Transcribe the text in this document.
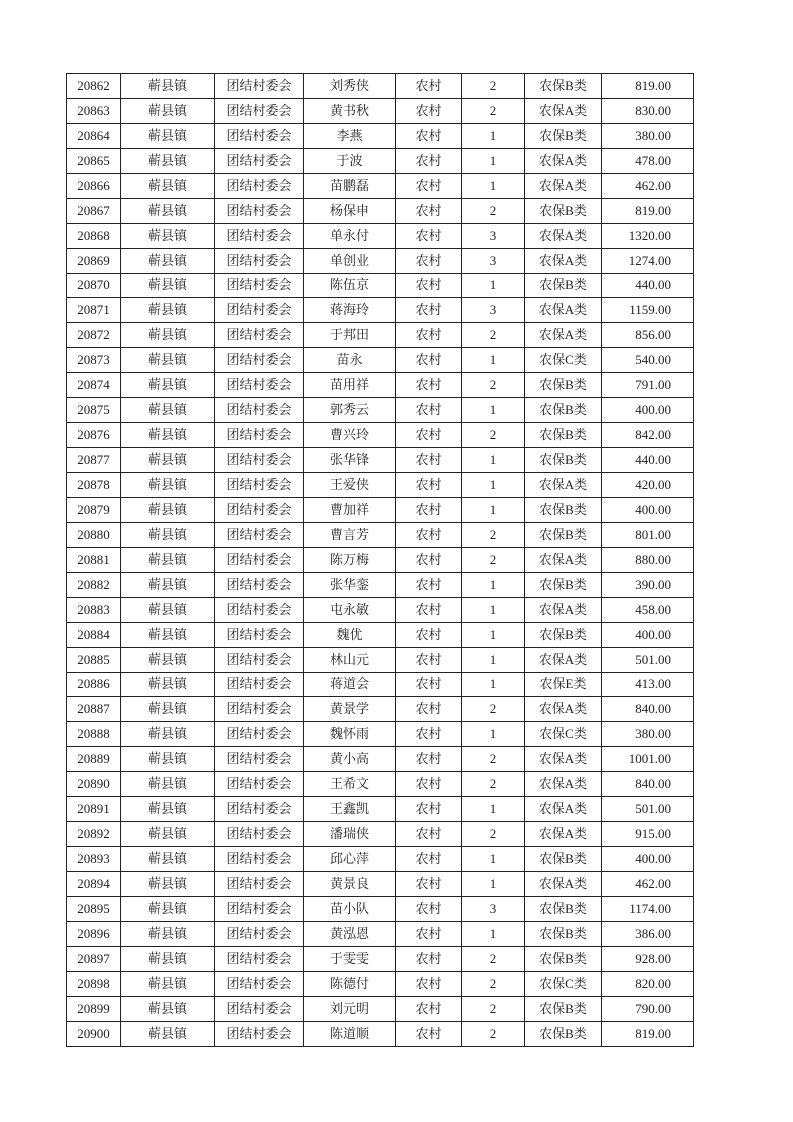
20862	蕲县镇	团结村委会	刘秀侠	农村	2	农保B类	819.00
20863	蕲县镇	团结村委会	黄书秋	农村	2	农保A类	830.00
20864	蕲县镇	团结村委会	李燕	农村	1	农保B类	380.00
20865	蕲县镇	团结村委会	于波	农村	1	农保A类	478.00
20866	蕲县镇	团结村委会	苗鹏磊	农村	1	农保A类	462.00
20867	蕲县镇	团结村委会	杨保申	农村	2	农保B类	819.00
20868	蕲县镇	团结村委会	单永付	农村	3	农保A类	1320.00
20869	蕲县镇	团结村委会	单创业	农村	3	农保A类	1274.00
20870	蕲县镇	团结村委会	陈伍京	农村	1	农保B类	440.00
20871	蕲县镇	团结村委会	蒋海玲	农村	3	农保A类	1159.00
20872	蕲县镇	团结村委会	于邦田	农村	2	农保A类	856.00
20873	蕲县镇	团结村委会	苗永	农村	1	农保C类	540.00
20874	蕲县镇	团结村委会	苗用祥	农村	2	农保B类	791.00
20875	蕲县镇	团结村委会	郭秀云	农村	1	农保B类	400.00
20876	蕲县镇	团结村委会	曹兴玲	农村	2	农保B类	842.00
20877	蕲县镇	团结村委会	张华锋	农村	1	农保B类	440.00
20878	蕲县镇	团结村委会	王爱侠	农村	1	农保A类	420.00
20879	蕲县镇	团结村委会	曹加祥	农村	1	农保B类	400.00
20880	蕲县镇	团结村委会	曹言芳	农村	2	农保B类	801.00
20881	蕲县镇	团结村委会	陈万梅	农村	2	农保A类	880.00
20882	蕲县镇	团结村委会	张华銮	农村	1	农保B类	390.00
20883	蕲县镇	团结村委会	屯永敏	农村	1	农保A类	458.00
20884	蕲县镇	团结村委会	魏优	农村	1	农保B类	400.00
20885	蕲县镇	团结村委会	林山元	农村	1	农保A类	501.00
20886	蕲县镇	团结村委会	蒋道会	农村	1	农保E类	413.00
20887	蕲县镇	团结村委会	黄景学	农村	2	农保A类	840.00
20888	蕲县镇	团结村委会	魏怀雨	农村	1	农保C类	380.00
20889	蕲县镇	团结村委会	黄小高	农村	2	农保A类	1001.00
20890	蕲县镇	团结村委会	王希文	农村	2	农保A类	840.00
20891	蕲县镇	团结村委会	王鑫凯	农村	1	农保A类	501.00
20892	蕲县镇	团结村委会	潘瑞侠	农村	2	农保A类	915.00
20893	蕲县镇	团结村委会	邱心萍	农村	1	农保B类	400.00
20894	蕲县镇	团结村委会	黄景良	农村	1	农保A类	462.00
20895	蕲县镇	团结村委会	苗小队	农村	3	农保B类	1174.00
20896	蕲县镇	团结村委会	黄泓恩	农村	1	农保B类	386.00
20897	蕲县镇	团结村委会	于雯雯	农村	2	农保B类	928.00
20898	蕲县镇	团结村委会	陈德付	农村	2	农保C类	820.00
20899	蕲县镇	团结村委会	刘元明	农村	2	农保B类	790.00
20900	蕲县镇	团结村委会	陈道顺	农村	2	农保B类	819.00
